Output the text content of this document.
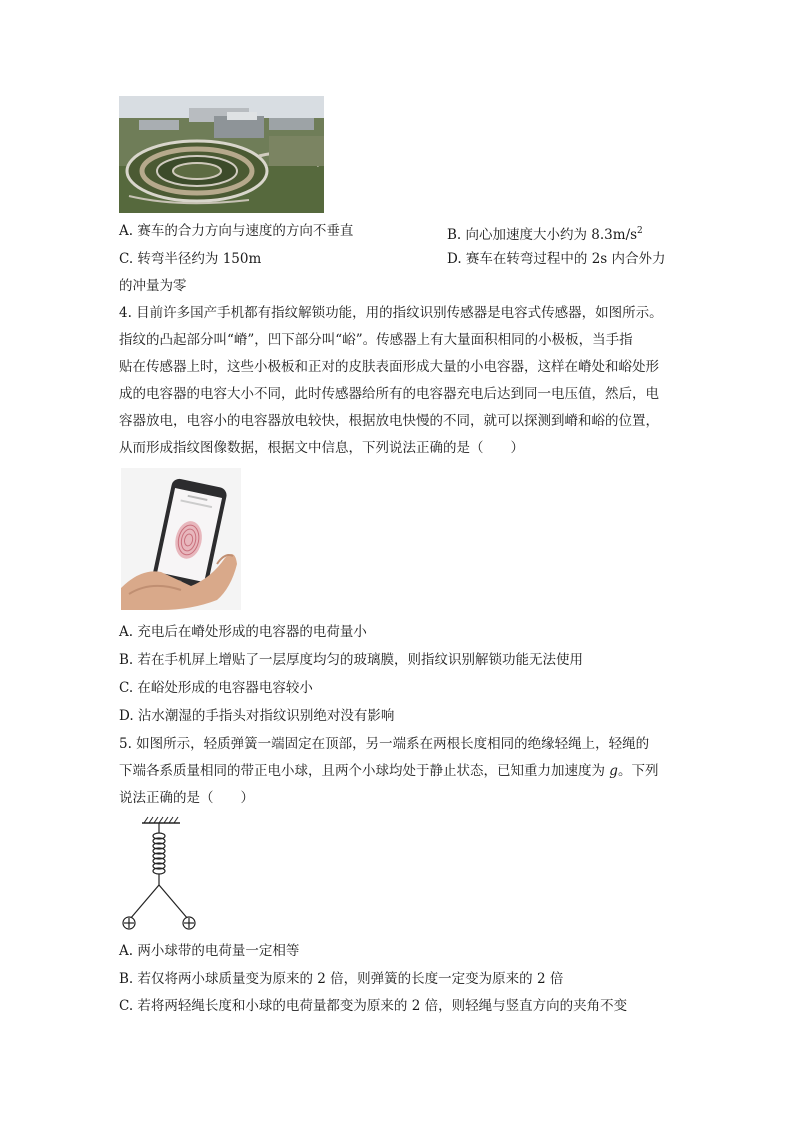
A. 赛车的合力方向与速度的方向不垂直	B. 向心加速度大小约为 $8.3m/s^2$
C. 转弯半径约为 150m	D. 赛车在转弯过程中的 2s 内合外力
的冲量为零
4. 目前许多国产手机都有指纹解锁功能，用的指纹识别传感器是电容式传感器，如图所示。
指纹的凸起部分叫“嵴”，凹下部分叫“峪”。传感器上有大量面积相同的小极板，当手指
贴在传感器上时，这些小极板和正对的皮肤表面形成大量的小电容器，这样在嵴处和峪处形
成的电容器的电容大小不同，此时传感器给所有的电容器充电后达到同一电压值，然后，电
容器放电，电容小的电容器放电较快，根据放电快慢的不同，就可以探测到嵴和峪的位置，
从而形成指纹图像数据，根据文中信息，下列说法正确的是（　　）
A. 充电后在嵴处形成的电容器的电荷量小
B. 若在手机屏上增贴了一层厚度均匀的玻璃膜，则指纹识别解锁功能无法使用
C. 在峪处形成的电容器电容较小
D. 沾水潮湿的手指头对指纹识别绝对没有影响
5. 如图所示，轻质弹簧一端固定在顶部，另一端系在两根长度相同的绝缘轻绳上，轻绳的
下端各系质量相同的带正电小球，且两个小球均处于静止状态，已知重力加速度为 g。下列
说法正确的是（　　）
A. 两小球带的电荷量一定相等
B. 若仅将两小球质量变为原来的 2 倍，则弹簧的长度一定变为原来的 2 倍
C. 若将两轻绳长度和小球的电荷量都变为原来的 2 倍，则轻绳与竖直方向的夹角不变
